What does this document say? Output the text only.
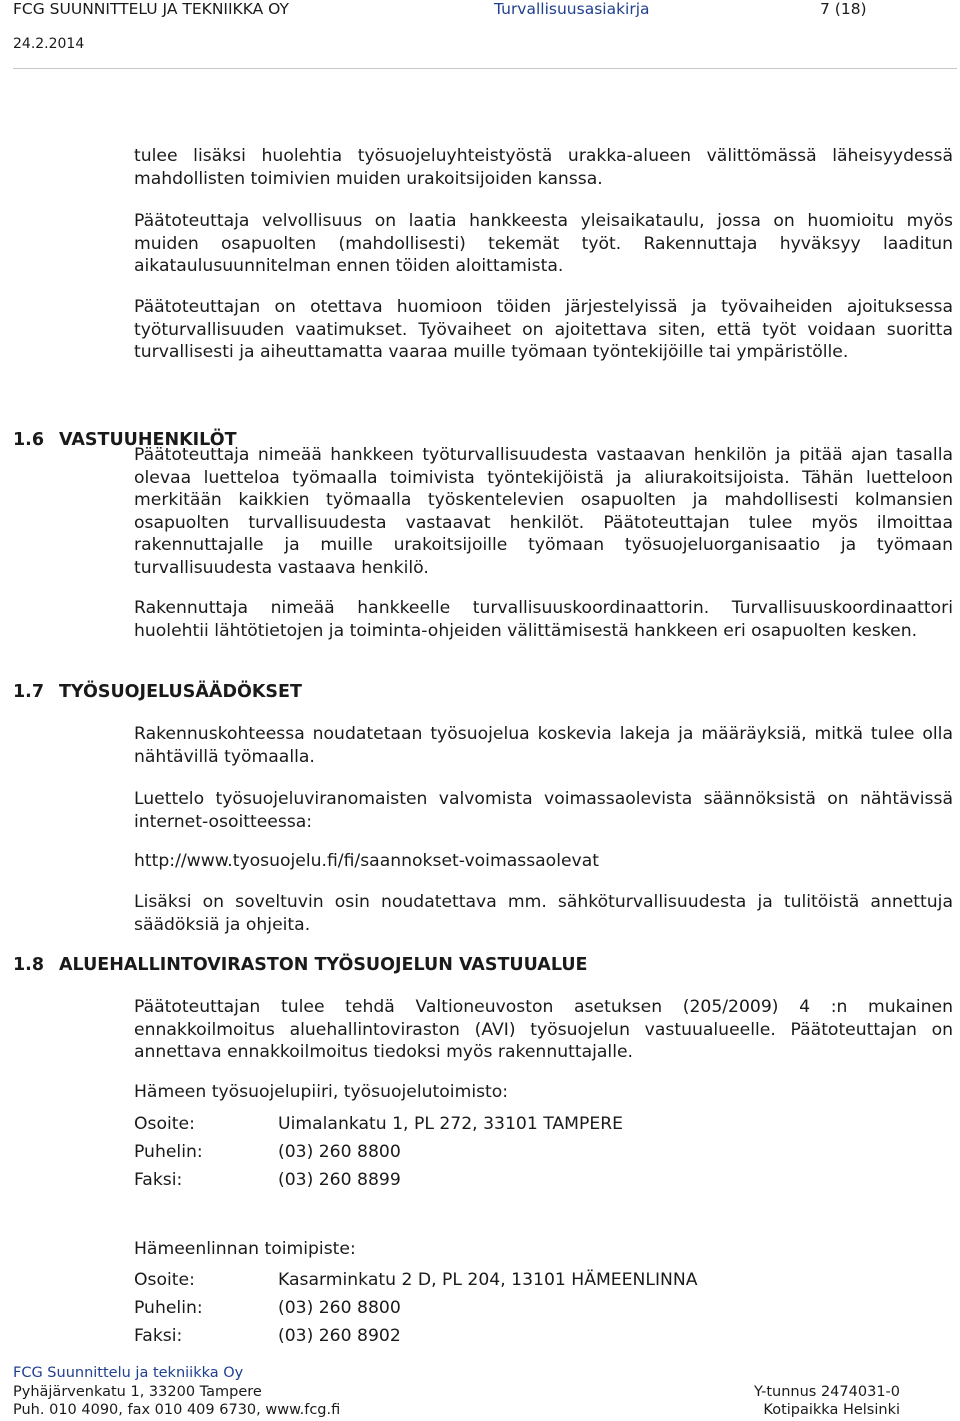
FCG SUUNNITTELU JA TEKNIIKKA OY	Turvallisuusasiakirja	7 (18)
24.2.2014

tulee lisäksi huolehtia työsuojeluyhteistyöstä urakka-alueen välittömässä läheisyydessä mahdollisten toimivien muiden urakoitsijoiden kanssa.

Päätoteuttaja velvollisuus on laatia hankkeesta yleisaikataulu, jossa on huomioitu myös muiden osapuolten (mahdollisesti) tekemät työt. Rakennuttaja hyväksyy laaditun aikataulusuunnitelman ennen töiden aloittamista.

Päätoteuttajan on otettava huomioon töiden järjestelyissä ja työvaiheiden ajoituksessa työturvallisuuden vaatimukset. Työvaiheet on ajoitettava siten, että työt voidaan suoritta turvallisesti ja aiheuttamatta vaaraa muille työmaan työntekijöille tai ympäristölle.

1.6 VASTUUHENKILÖT

Päätoteuttaja nimeää hankkeen työturvallisuudesta vastaavan henkilön ja pitää ajan tasalla olevaa luetteloa työmaalla toimivista työntekijöistä ja aliurakoitsijoista. Tähän luetteloon merkitään kaikkien työmaalla työskentelevien osapuolten ja mahdollisesti kolmansien osapuolten turvallisuudesta vastaavat henkilöt. Päätoteuttajan tulee myös ilmoittaa rakennuttajalle ja muille urakoitsijoille työmaan työsuojeluorganisaatio ja työmaan turvallisuudesta vastaava henkilö.

Rakennuttaja nimeää hankkeelle turvallisuuskoordinaattorin. Turvallisuuskoordinaattori huolehtii lähtötietojen ja toiminta-ohjeiden välittämisestä hankkeen eri osapuolten kesken.

1.7 TYÖSUOJELUSÄÄDÖKSET

Rakennuskohteessa noudatetaan työsuojelua koskevia lakeja ja määräyksiä, mitkä tulee olla nähtävillä työmaalla.

Luettelo työsuojeluviranomaisten valvomista voimassaolevista säännöksistä on nähtävissä internet-osoitteessa:

http://www.tyosuojelu.fi/fi/saannokset-voimassaolevat

Lisäksi on soveltuvin osin noudatettava mm. sähköturvallisuudesta ja tulitöistä annettuja säädöksiä ja ohjeita.

1.8 ALUEHALLINTOVIRASTON TYÖSUOJELUN VASTUUALUE

Päätoteuttajan tulee tehdä Valtioneuvoston asetuksen (205/2009) 4 :n mukainen ennakkoilmoitus aluehallintoviraston (AVI) työsuojelun vastuualueelle. Päätoteuttajan on annettava ennakkoilmoitus tiedoksi myös rakennuttajalle.

Hämeen työsuojelupiiri, työsuojelutoimisto:
Osoite:	Uimalankatu 1, PL 272, 33101 TAMPERE
Puhelin:	(03) 260 8800
Faksi:	(03) 260 8899
Hämeenlinnan toimipiste:
Osoite:	Kasarminkatu 2 D, PL 204, 13101 HÄMEENLINNA
Puhelin:	(03) 260 8800
Faksi:	(03) 260 8902
FCG Suunnittelu ja tekniikka Oy
Pyhäjärvenkatu 1, 33200 Tampere
Puh. 010 4090, fax 010 409 6730, www.fcg.fi
Y-tunnus 2474031-0
Kotipaikka Helsinki
